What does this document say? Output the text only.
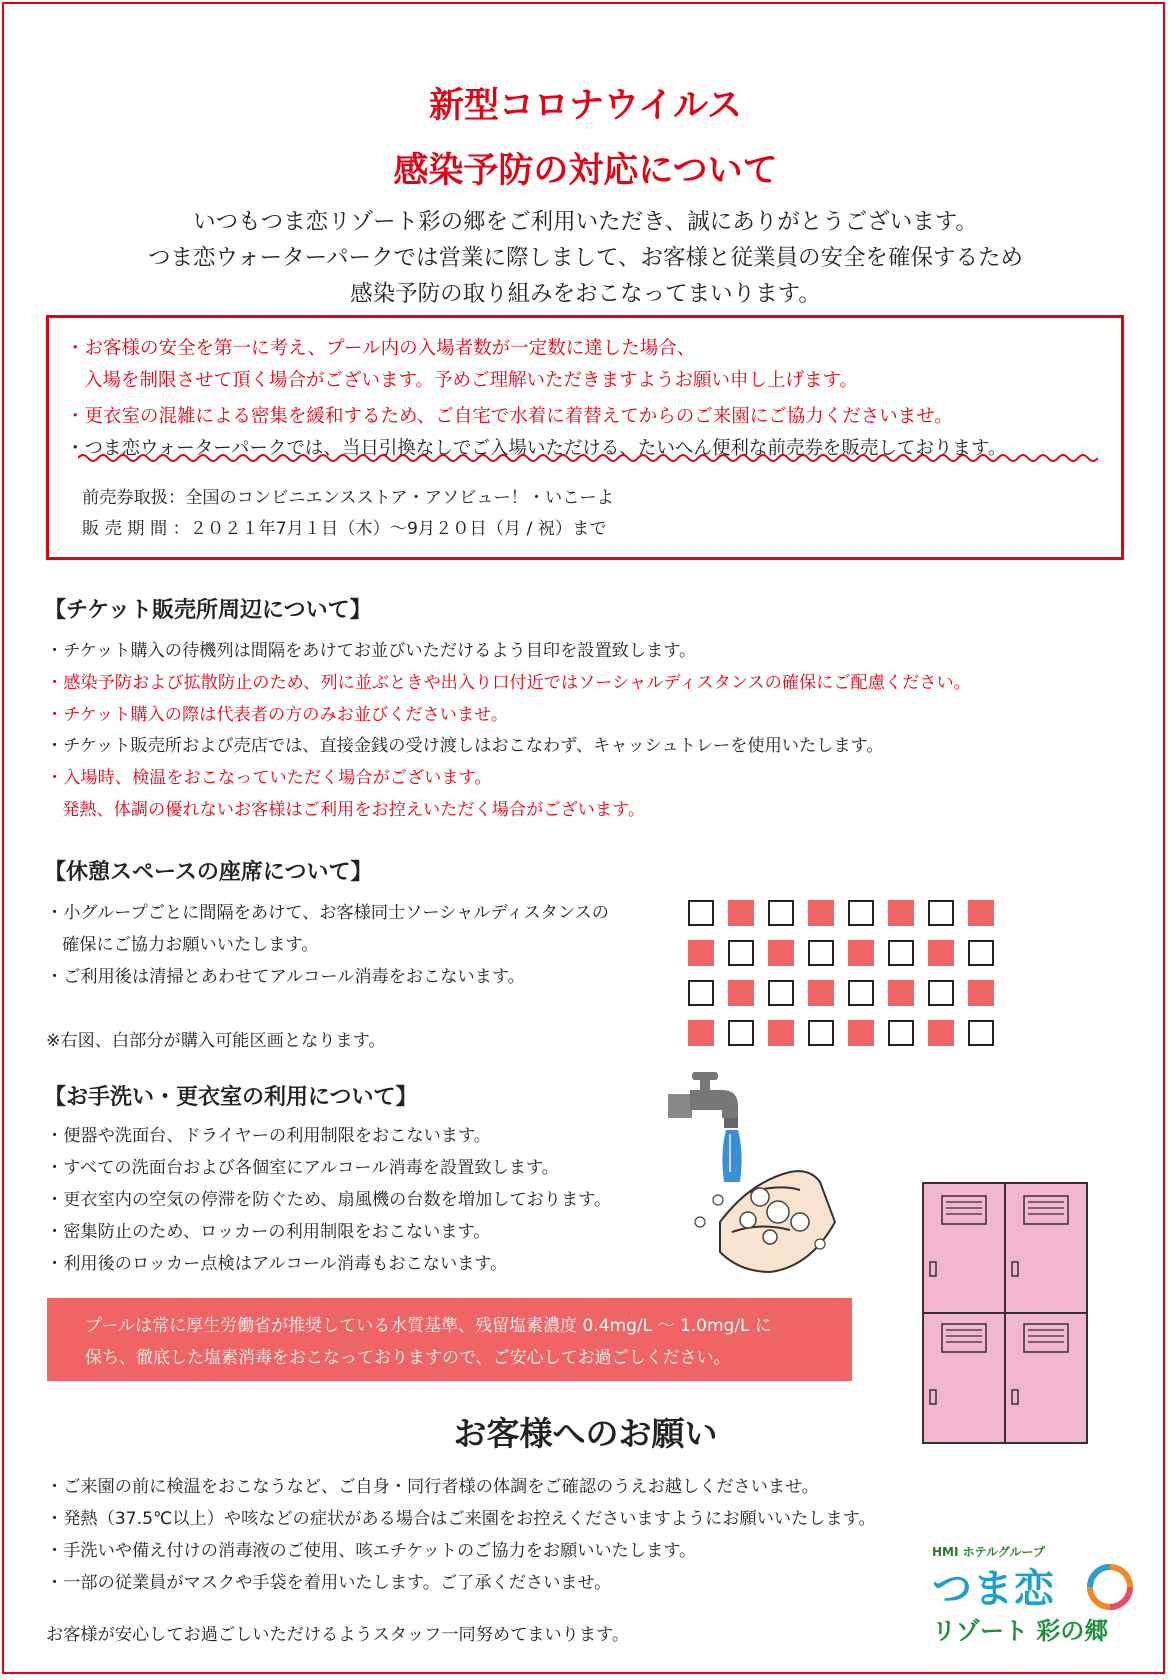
新型コロナウイルス
感染予防の対応について
いつもつま恋リゾート彩の郷をご利用いただき、誠にありがとうございます。
つま恋ウォーターパークでは営業に際しまして、お客様と従業員の安全を確保するため
感染予防の取り組みをおこなってまいります。
・お客様の安全を第一に考え、プール内の入場者数が一定数に達した場合、
入場を制限させて頂く場合がございます。予めご理解いただきますようお願い申し上げます。
・更衣室の混雑による密集を緩和するため、ご自宅で水着に着替えてからのご来園にご協力くださいませ。
・つま恋ウォーターパークでは、当日引換なしでご入場いただける、たいへん便利な前売券を販売しております。
前売券取扱：全国のコンビニエンスストア・アソビュー！・いこーよ
販 売 期 間 ：２０２１年7月１日（木）～9月２０日（月 / 祝）まで
【チケット販売所周辺について】
・チケット購入の待機列は間隔をあけてお並びいただけるよう目印を設置致します。
・感染予防および拡散防止のため、列に並ぶときや出入り口付近ではソーシャルディスタンスの確保にご配慮ください。
・チケット購入の際は代表者の方のみお並びくださいませ。
・チケット販売所および売店では、直接金銭の受け渡しはおこなわず、キャッシュトレーを使用いたします。
・入場時、検温をおこなっていただく場合がございます。
発熱、体調の優れないお客様はご利用をお控えいただく場合がございます。
【休憩スペースの座席について】
・小グループごとに間隔をあけて、お客様同士ソーシャルディスタンスの
確保にご協力お願いいたします。
・ご利用後は清掃とあわせてアルコール消毒をおこないます。
※右図、白部分が購入可能区画となります。
【お手洗い・更衣室の利用について】
・便器や洗面台、ドライヤーの利用制限をおこないます。
・すべての洗面台および各個室にアルコール消毒を設置致します。
・更衣室内の空気の停滞を防ぐため、扇風機の台数を増加しております。
・密集防止のため、ロッカーの利用制限をおこないます。
・利用後のロッカー点検はアルコール消毒もおこないます。
プールは常に厚生労働省が推奨している水質基準、残留塩素濃度 0.4mg/L ～ 1.0mg/L に
保ち、徹底した塩素消毒をおこなっておりますので、ご安心してお過ごしください。
お客様へのお願い
・ご来園の前に検温をおこなうなど、ご自身・同行者様の体調をご確認のうえお越しくださいませ。
・発熱（37.5℃以上）や咳などの症状がある場合はご来園をお控えくださいますようにお願いいたします。
・手洗いや備え付けの消毒液のご使用、咳エチケットのご協力をお願いいたします。
・一部の従業員がマスクや手袋を着用いたします。ご了承くださいませ。
お客様が安心してお過ごしいただけるようスタッフ一同努めてまいります。
HMI ホテルグループ
つま恋
リゾート 彩の郷
